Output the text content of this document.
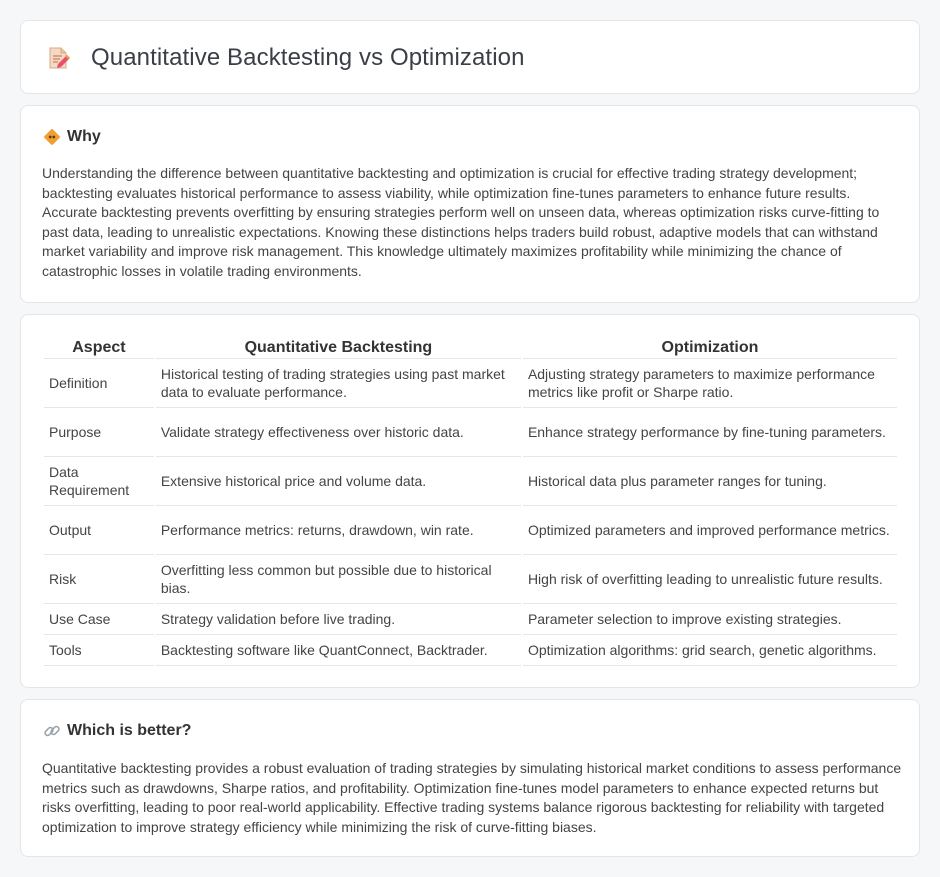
Quantitative Backtesting vs Optimization
Why

Understanding the difference between quantitative backtesting and optimization is crucial for effective trading strategy development; backtesting evaluates historical performance to assess viability, while optimization fine-tunes parameters to enhance future results. Accurate backtesting prevents overfitting by ensuring strategies perform well on unseen data, whereas optimization risks curve-fitting to past data, leading to unrealistic expectations. Knowing these distinctions helps traders build robust, adaptive models that can withstand market variability and improve risk management. This knowledge ultimately maximizes profitability while minimizing the chance of catastrophic losses in volatile trading environments.

Aspect	Quantitative Backtesting	Optimization
Definition	Historical testing of trading strategies using past market data to evaluate performance.	Adjusting strategy parameters to maximize performance metrics like profit or Sharpe ratio.
Purpose	Validate strategy effectiveness over historic data.	Enhance strategy performance by fine-tuning parameters.
Data Requirement	Extensive historical price and volume data.	Historical data plus parameter ranges for tuning.
Output	Performance metrics: returns, drawdown, win rate.	Optimized parameters and improved performance metrics.
Risk	Overfitting less common but possible due to historical bias.	High risk of overfitting leading to unrealistic future results.
Use Case	Strategy validation before live trading.	Parameter selection to improve existing strategies.
Tools	Backtesting software like QuantConnect, Backtrader.	Optimization algorithms: grid search, genetic algorithms.
Which is better?

Quantitative backtesting provides a robust evaluation of trading strategies by simulating historical market conditions to assess performance metrics such as drawdowns, Sharpe ratios, and profitability. Optimization fine-tunes model parameters to enhance expected returns but risks overfitting, leading to poor real-world applicability. Effective trading systems balance rigorous backtesting for reliability with targeted optimization to improve strategy efficiency while minimizing the risk of curve-fitting biases.
